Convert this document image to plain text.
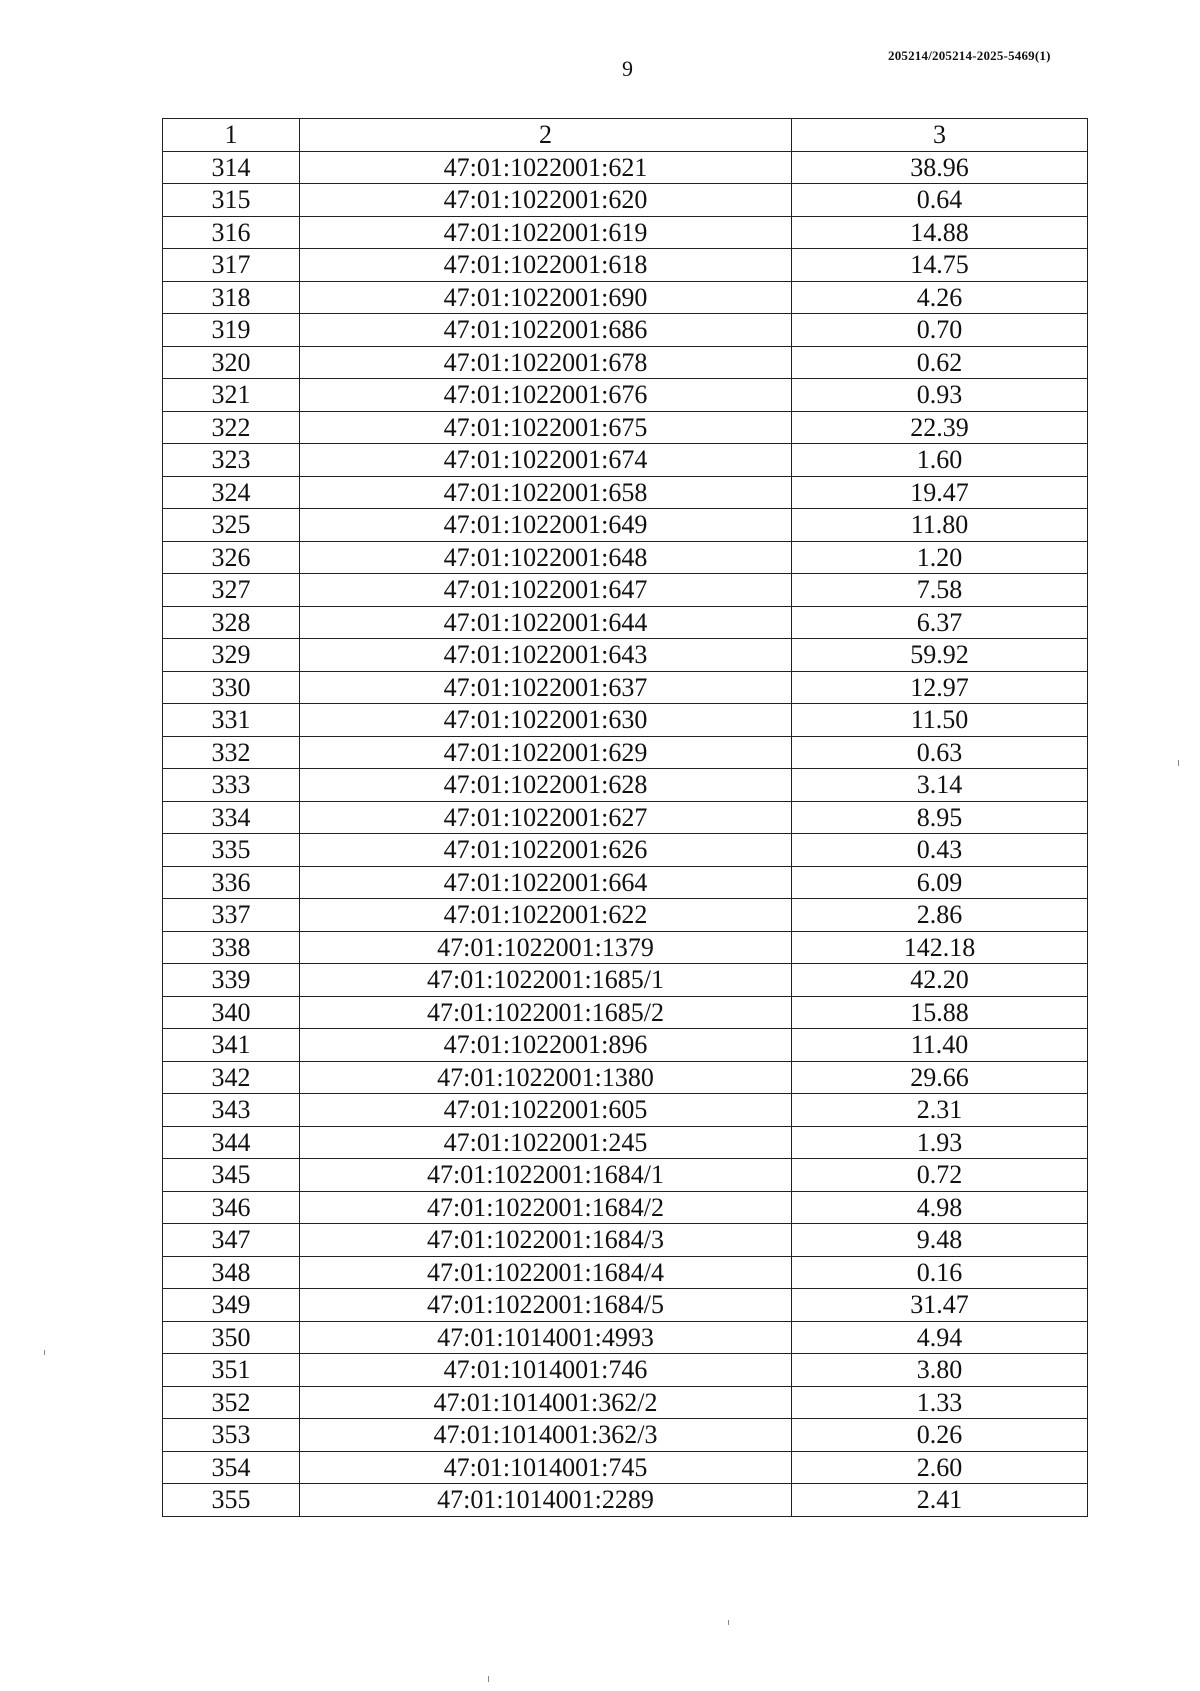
9
205214/205214-2025-5469(1)
1	2	3
314	47:01:1022001:621	38.96
315	47:01:1022001:620	0.64
316	47:01:1022001:619	14.88
317	47:01:1022001:618	14.75
318	47:01:1022001:690	4.26
319	47:01:1022001:686	0.70
320	47:01:1022001:678	0.62
321	47:01:1022001:676	0.93
322	47:01:1022001:675	22.39
323	47:01:1022001:674	1.60
324	47:01:1022001:658	19.47
325	47:01:1022001:649	11.80
326	47:01:1022001:648	1.20
327	47:01:1022001:647	7.58
328	47:01:1022001:644	6.37
329	47:01:1022001:643	59.92
330	47:01:1022001:637	12.97
331	47:01:1022001:630	11.50
332	47:01:1022001:629	0.63
333	47:01:1022001:628	3.14
334	47:01:1022001:627	8.95
335	47:01:1022001:626	0.43
336	47:01:1022001:664	6.09
337	47:01:1022001:622	2.86
338	47:01:1022001:1379	142.18
339	47:01:1022001:1685/1	42.20
340	47:01:1022001:1685/2	15.88
341	47:01:1022001:896	11.40
342	47:01:1022001:1380	29.66
343	47:01:1022001:605	2.31
344	47:01:1022001:245	1.93
345	47:01:1022001:1684/1	0.72
346	47:01:1022001:1684/2	4.98
347	47:01:1022001:1684/3	9.48
348	47:01:1022001:1684/4	0.16
349	47:01:1022001:1684/5	31.47
350	47:01:1014001:4993	4.94
351	47:01:1014001:746	3.80
352	47:01:1014001:362/2	1.33
353	47:01:1014001:362/3	0.26
354	47:01:1014001:745	2.60
355	47:01:1014001:2289	2.41
